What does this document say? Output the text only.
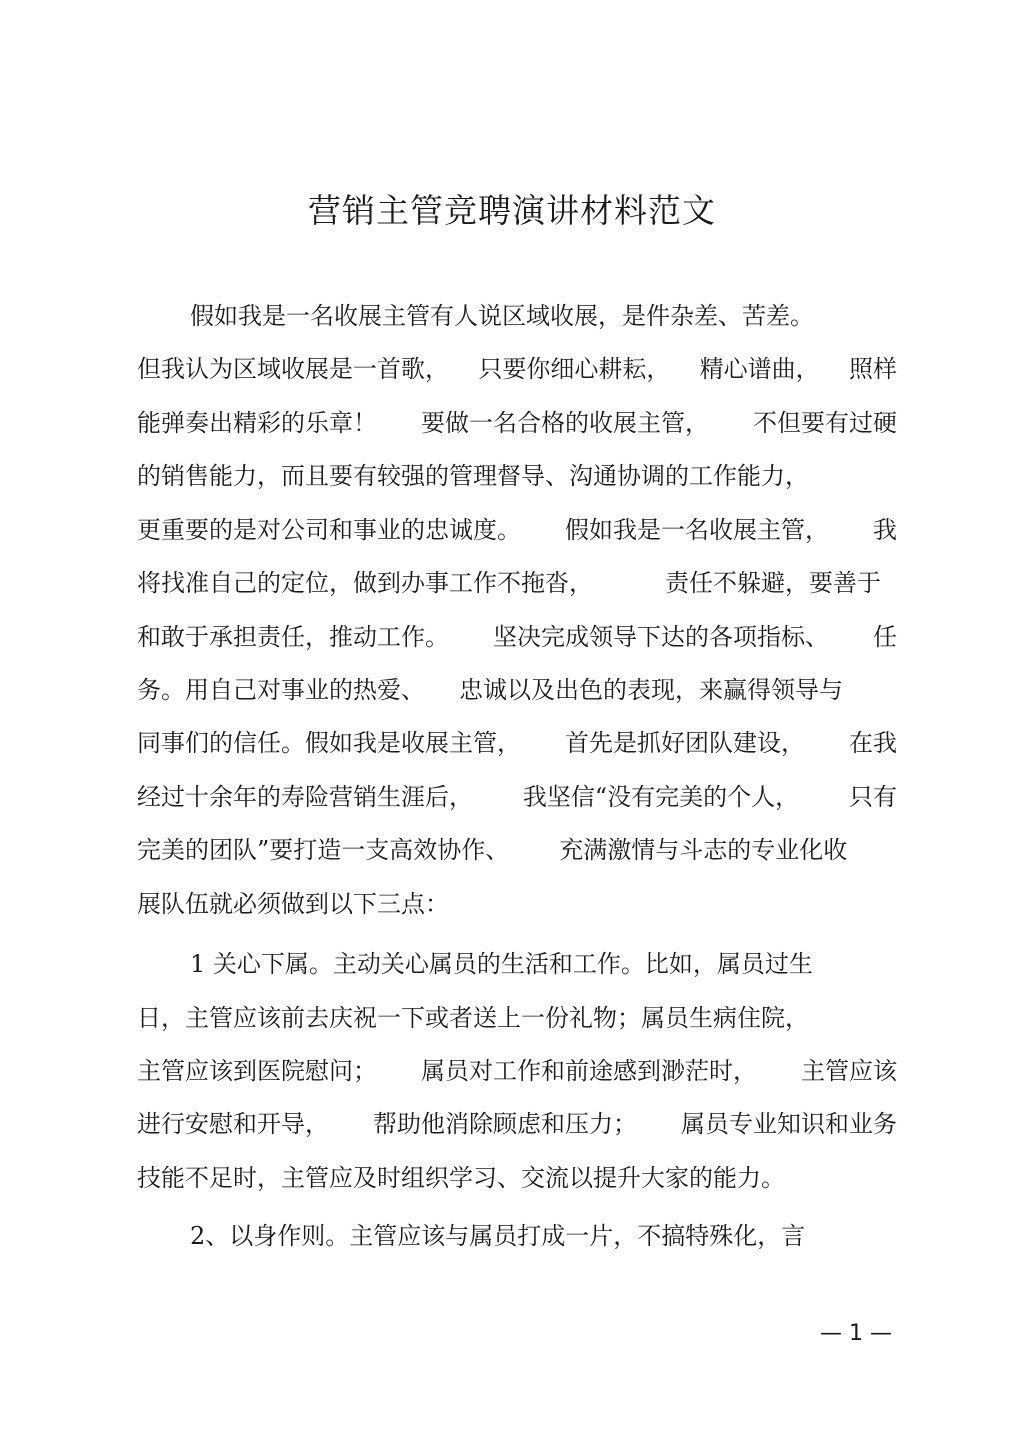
营销主管竞聘演讲材料范文
假如我是一名收展主管有人说区域收展，是件杂差、苦差。
但我认为区域收展是一首歌， 只要你细心耕耘， 精心谱曲， 照样
能弹奏出精彩的乐章！ 要做一名合格的收展主管， 不但要有过硬
的销售能力，而且要有较强的管理督导、沟通协调的工作能力，
更重要的是对公司和事业的忠诚度。 假如我是一名收展主管， 我
将找准自己的定位，做到办事工作不拖沓，	责任不躲避，要善于
和敢于承担责任，推动工作。 坚决完成领导下达的各项指标、 任
务。用自己对事业的热爱、 忠诚以及出色的表现，来赢得领导与
同事们的信任。假如我是收展主管， 首先是抓好团队建设， 在我
经过十余年的寿险营销生涯后， 我坚信“没有完美的个人， 只有
完美的团队”要打造一支高效协作、 充满激情与斗志的专业化收
展队伍就必须做到以下三点：
1 关心下属。主动关心属员的生活和工作。比如，属员过生
日，主管应该前去庆祝一下或者送上一份礼物；属员生病住院，
主管应该到医院慰问； 属员对工作和前途感到渺茫时， 主管应该
进行安慰和开导， 帮助他消除顾虑和压力； 属员专业知识和业务
技能不足时，主管应及时组织学习、交流以提升大家的能力。
2、以身作则。主管应该与属员打成一片，不搞特殊化，言
— 1 —
